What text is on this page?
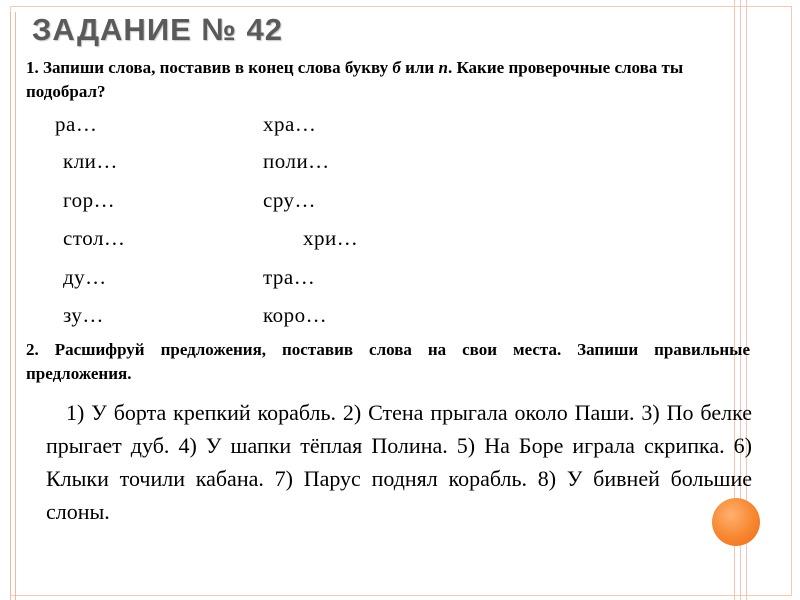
ЗАДАНИЕ № 42
1. Запиши слова, поставив в конец слова букву б или п. Какие проверочные слова ты подобрал?
ра…
кли…
гор…
стол…
ду…
зу…
хра…
поли…
сру…
хри…
тра…
коро…
2. Расшифруй предложения, поставив слова на свои места. Запиши правильные предложения.
1) У борта крепкий корабль. 2) Стена прыгала около Паши. 3) По белке прыгает дуб. 4) У шапки тёплая Полина. 5) На Боре играла скрипка. 6) Клыки точили кабана. 7) Парус поднял корабль. 8) У бивней большие слоны.
